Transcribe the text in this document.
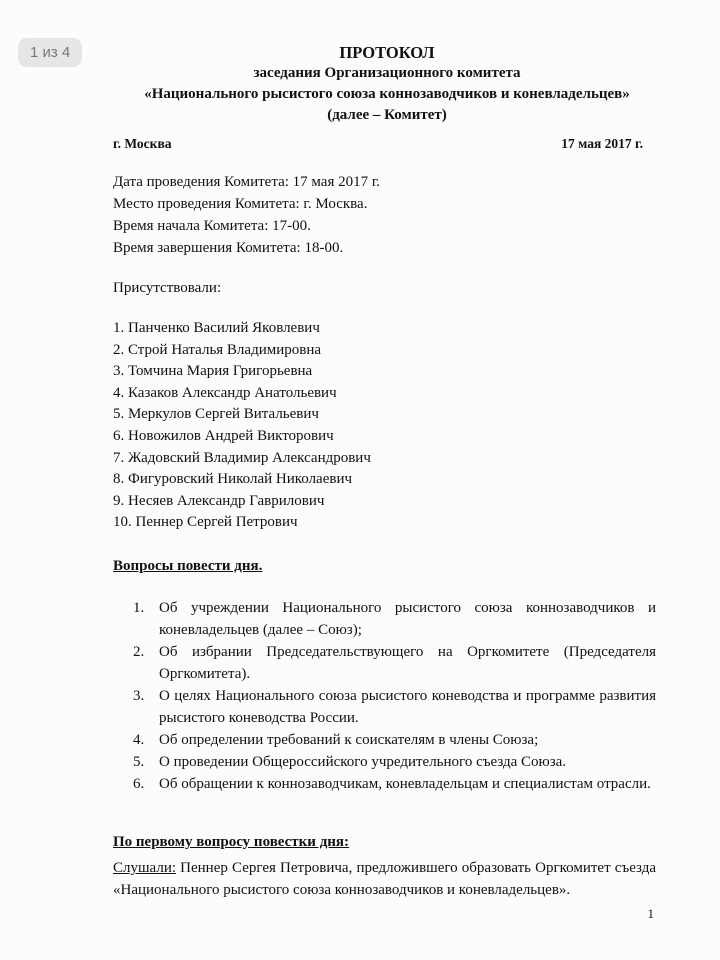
1 из 4	ПРОТОКОЛ
заседания Организационного комитета
«Национального рысистого союза коннозаводчиков и коневладельцев»
(далее – Комитет)
г. Москва	17 мая 2017 г.
Дата проведения Комитета: 17 мая 2017 г.
Место проведения Комитета: г. Москва.
Время начала Комитета: 17-00.
Время завершения Комитета: 18-00.
Присутствовали:
1. Панченко Василий Яковлевич
2. Строй Наталья Владимировна
3. Томчина Мария Григорьевна
4. Казаков Александр Анатольевич
5. Меркулов Сергей Витальевич
6. Новожилов Андрей Викторович
7. Жадовский Владимир Александрович
8. Фигуровский Николай Николаевич
9. Несяев Александр Гаврилович
10. Пеннер Сергей Петрович
Вопросы повести дня.
1. Об учреждении Национального рысистого союза коннозаводчиков и коневладельцев (далее – Союз);
2. Об избрании Председательствующего на Оргкомитете (Председателя Оргкомитета).
3. О целях Национального союза рысистого коневодства и программе развития рысистого коневодства России.
4. Об определении требований к соискателям в члены Союза;
5. О проведении Общероссийского учредительного съезда Союза.
6. Об обращении к коннозаводчикам, коневладельцам и специалистам отрасли.
По первому вопросу повестки дня:
Слушали: Пеннер Сергея Петровича, предложившего образовать Оргкомитет съезда «Национального рысистого союза коннозаводчиков и коневладельцев».
1
